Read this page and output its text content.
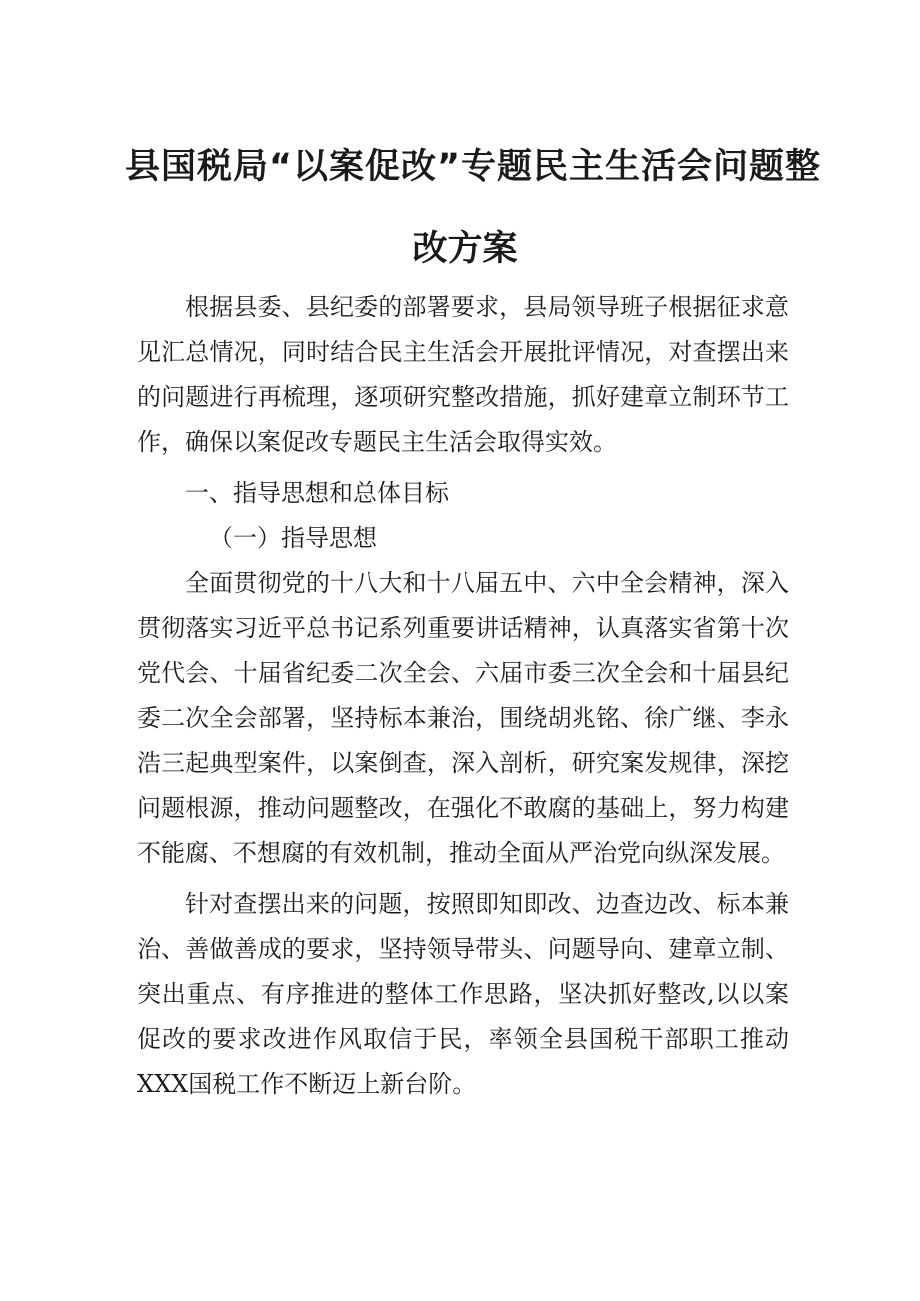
县国税局“以案促改”专题民主生活会问题整
改方案

根据县委、县纪委的部署要求，县局领导班子根据征求意见汇总情况，同时结合民主生活会开展批评情况，对查摆出来的问题进行再梳理，逐项研究整改措施，抓好建章立制环节工作，确保以案促改专题民主生活会取得实效。

一、指导思想和总体目标

（一）指导思想

全面贯彻党的十八大和十八届五中、六中全会精神，深入贯彻落实习近平总书记系列重要讲话精神，认真落实省第十次党代会、十届省纪委二次全会、六届市委三次全会和十届县纪委二次全会部署，坚持标本兼治，围绕胡兆铭、徐广继、李永浩三起典型案件，以案倒查，深入剖析，研究案发规律，深挖问题根源，推动问题整改，在强化不敢腐的基础上，努力构建不能腐、不想腐的有效机制，推动全面从严治党向纵深发展。

针对查摆出来的问题，按照即知即改、边查边改、标本兼治、善做善成的要求，坚持领导带头、问题导向、建章立制、突出重点、有序推进的整体工作思路，坚决抓好整改,以以案促改的要求改进作风取信于民，率领全县国税干部职工推动XXX国税工作不断迈上新台阶。
